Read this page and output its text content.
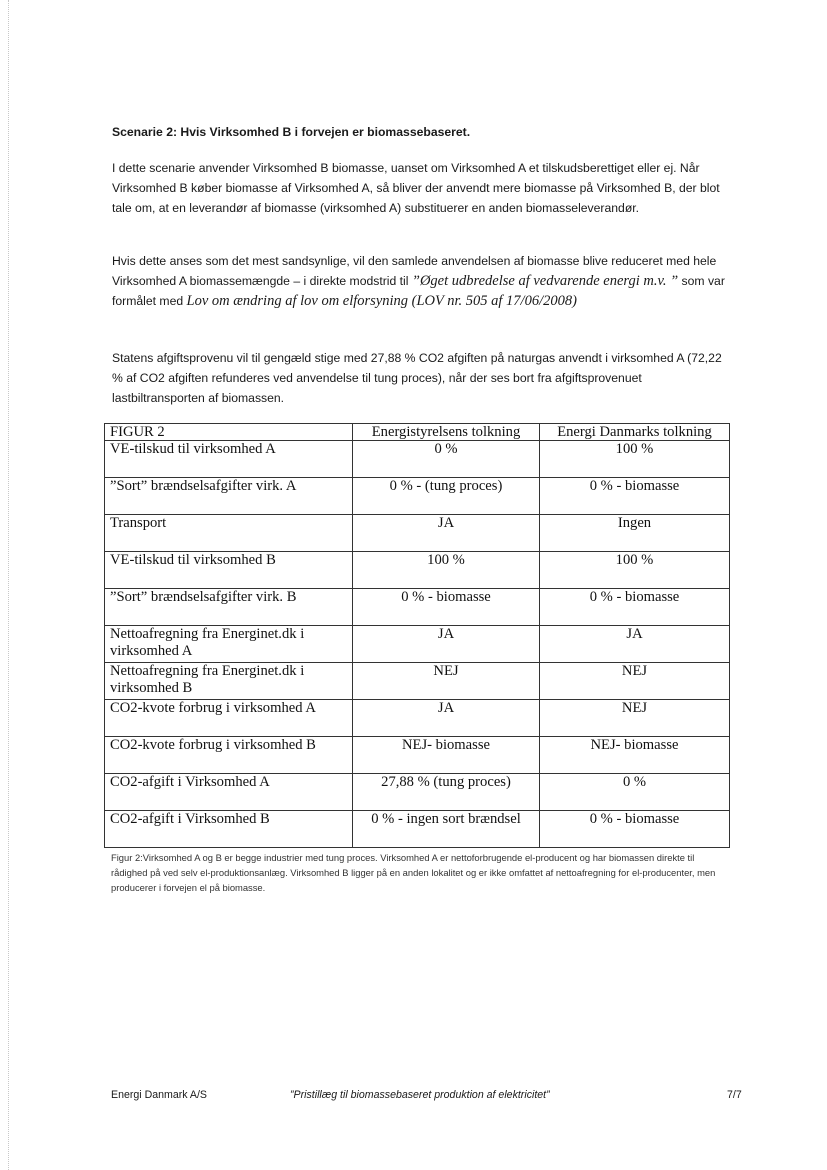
Scenarie 2: Hvis Virksomhed B i forvejen er biomassebaseret.

I dette scenarie anvender Virksomhed B biomasse, uanset om Virksomhed A et tilskudsberettiget eller ej. Når Virksomhed B køber biomasse af Virksomhed A, så bliver der anvendt mere biomasse på Virksomhed B, der blot tale om, at en leverandør af biomasse (virksomhed A) substituerer en anden biomasseleverandør.

Hvis dette anses som det mest sandsynlige, vil den samlede anvendelsen af biomasse blive reduceret med hele Virksomhed A biomassemængde – i direkte modstrid til ”Øget udbredelse af vedvarende energi m.v. ” som var formålet med Lov om ændring af lov om elforsyning (LOV nr. 505 af 17/06/2008)

Statens afgiftsprovenu vil til gengæld stige med 27,88 % CO2 afgiften på naturgas anvendt i virksomhed A (72,22 % af CO2 afgiften refunderes ved anvendelse til tung proces), når der ses bort fra afgiftsprovenuet lastbiltransporten af biomassen.

FIGUR 2	Energistyrelsens tolkning	Energi Danmarks tolkning
VE-tilskud til virksomhed A	0 %	100 %
”Sort” brændselsafgifter virk. A	0 % - (tung proces)	0 % - biomasse
Transport	JA	Ingen
VE-tilskud til virksomhed B	100 %	100 %
”Sort” brændselsafgifter virk. B	0 % - biomasse	0 % - biomasse
Nettoafregning fra Energinet.dk i virksomhed A	JA	JA
Nettoafregning fra Energinet.dk i virksomhed B	NEJ	NEJ
CO2-kvote forbrug i virksomhed A	JA	NEJ
CO2-kvote forbrug i virksomhed B	NEJ- biomasse	NEJ- biomasse
CO2-afgift i Virksomhed A	27,88 % (tung proces)	0 %
CO2-afgift i Virksomhed B	0 % - ingen sort brændsel	0 % - biomasse

Figur 2:Virksomhed A og B er begge industrier med tung proces. Virksomhed A er nettoforbrugende el-producent og har biomassen direkte til rådighed på ved selv el-produktionsanlæg. Virksomhed B ligger på en anden lokalitet og er ikke omfattet af nettoafregning for el-producenter, men producerer i forvejen el på biomasse.

Energi Danmark A/S	”Pristillæg til biomassebaseret produktion af elektricitet”	7/7
